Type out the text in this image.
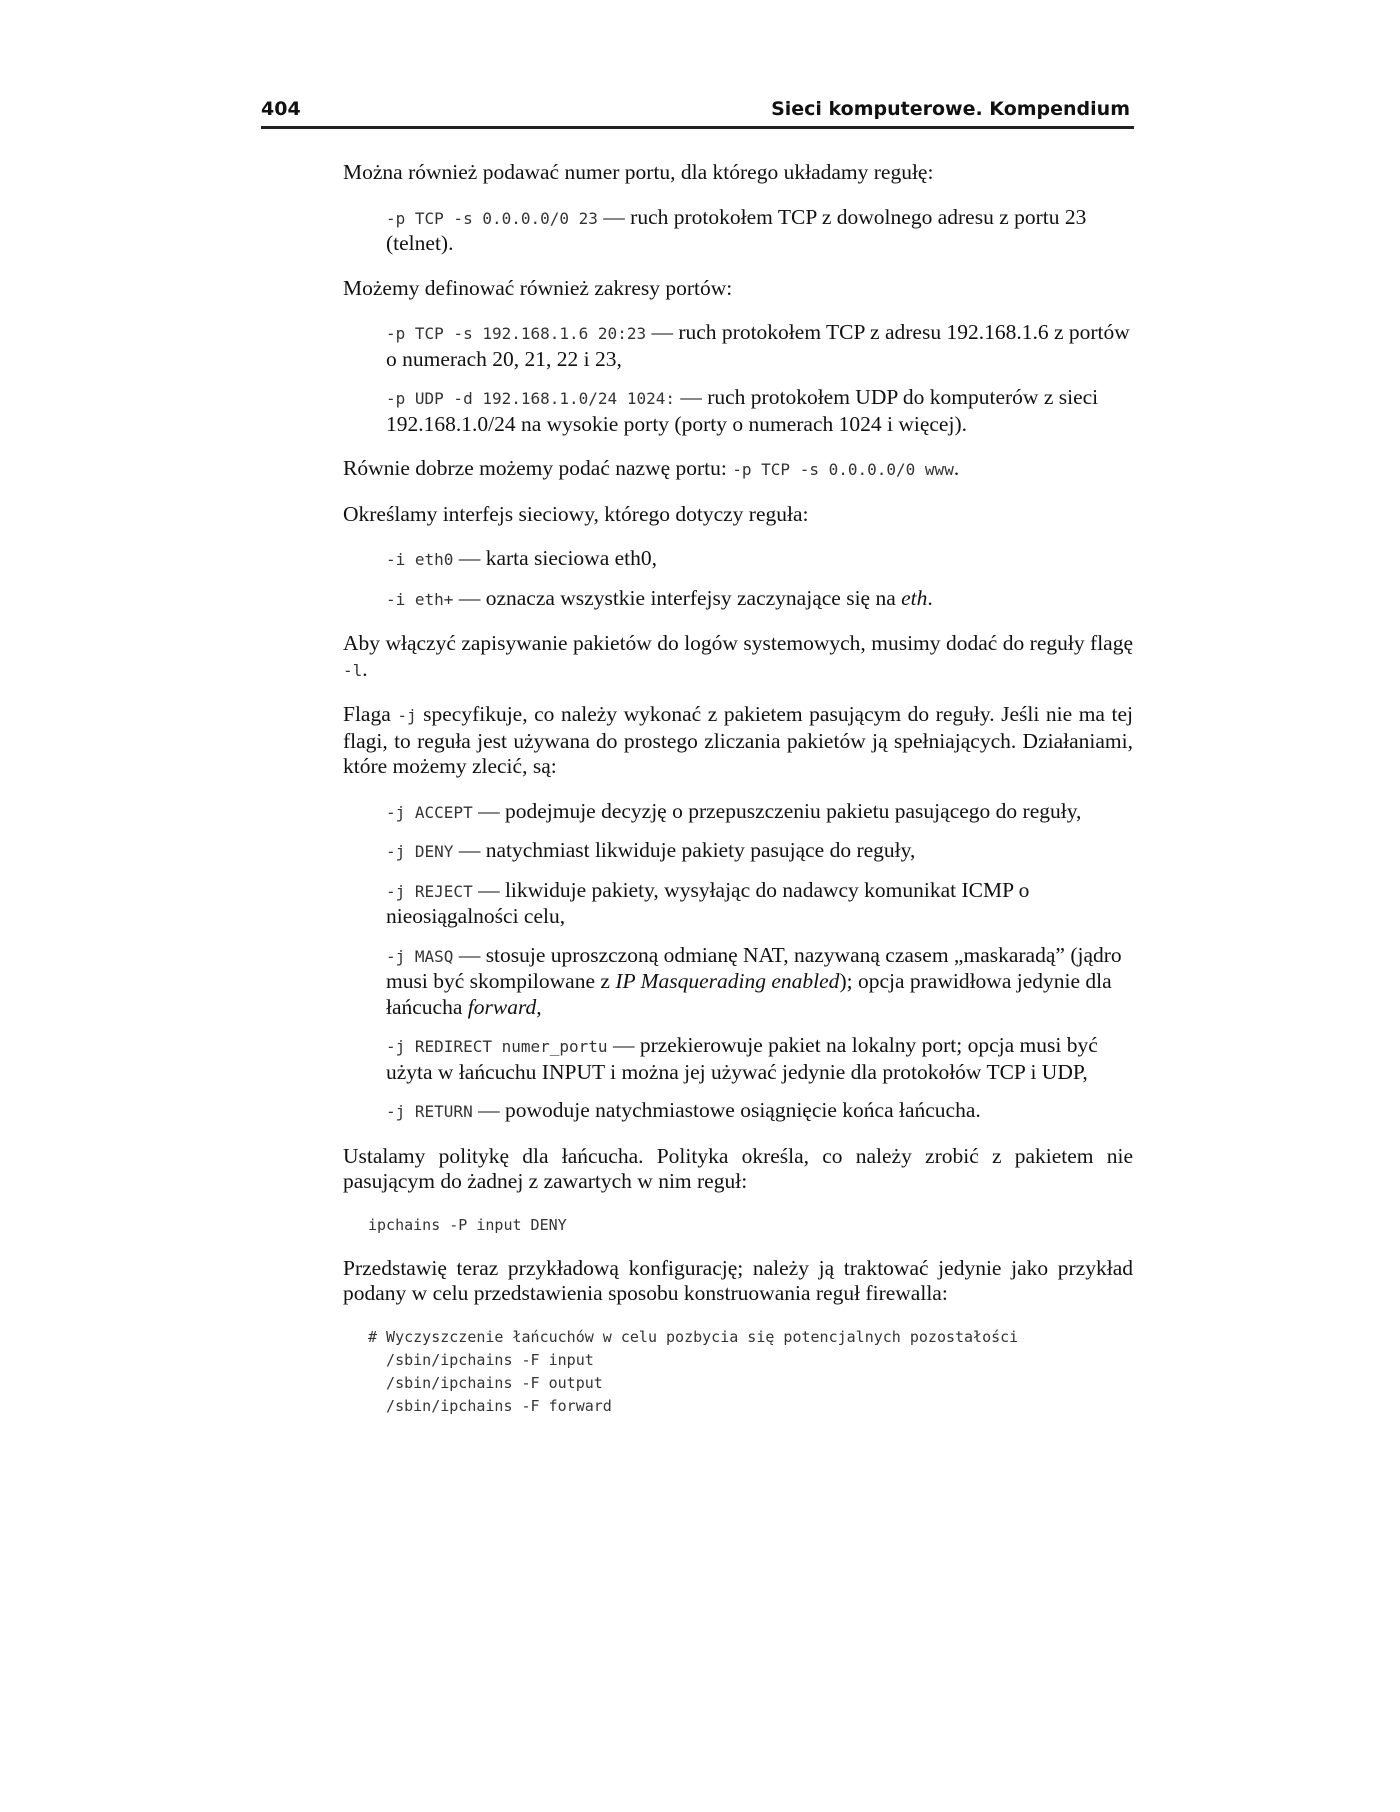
404	Sieci komputerowe. Kompendium

Można również podawać numer portu, dla którego układamy regułę:

-p TCP -s 0.0.0.0/0 23 — ruch protokołem TCP z dowolnego adresu z portu 23 (telnet).

Możemy definować również zakresy portów:

-p TCP -s 192.168.1.6 20:23 — ruch protokołem TCP z adresu 192.168.1.6 z portów o numerach 20, 21, 22 i 23,

-p UDP -d 192.168.1.0/24 1024: — ruch protokołem UDP do komputerów z sieci 192.168.1.0/24 na wysokie porty (porty o numerach 1024 i więcej).

Równie dobrze możemy podać nazwę portu: -p TCP -s 0.0.0.0/0 www.

Określamy interfejs sieciowy, którego dotyczy reguła:

-i eth0 — karta sieciowa eth0,

-i eth+ — oznacza wszystkie interfejsy zaczynające się na eth.

Aby włączyć zapisywanie pakietów do logów systemowych, musimy dodać do reguły flagę -l.

Flaga -j specyfikuje, co należy wykonać z pakietem pasującym do reguły. Jeśli nie ma tej flagi, to reguła jest używana do prostego zliczania pakietów ją spełniających. Działaniami, które możemy zlecić, są:

-j ACCEPT — podejmuje decyzję o przepuszczeniu pakietu pasującego do reguły,

-j DENY — natychmiast likwiduje pakiety pasujące do reguły,

-j REJECT — likwiduje pakiety, wysyłając do nadawcy komunikat ICMP o nieosiągalności celu,

-j MASQ — stosuje uproszczoną odmianę NAT, nazywaną czasem „maskaradą” (jądro musi być skompilowane z IP Masquerading enabled); opcja prawidłowa jedynie dla łańcucha forward,

-j REDIRECT numer_portu — przekierowuje pakiet na lokalny port; opcja musi być użyta w łańcuchu INPUT i można jej używać jedynie dla protokołów TCP i UDP,

-j RETURN — powoduje natychmiastowe osiągnięcie końca łańcucha.

Ustalamy politykę dla łańcucha. Polityka określa, co należy zrobić z pakietem nie pasującym do żadnej z zawartych w nim reguł:

ipchains -P input DENY

Przedstawię teraz przykładową konfigurację; należy ją traktować jedynie jako przykład podany w celu przedstawienia sposobu konstruowania reguł firewalla:

# Wyczyszczenie łańcuchów w celu pozbycia się potencjalnych pozostałości
/sbin/ipchains -F input
/sbin/ipchains -F output
/sbin/ipchains -F forward
